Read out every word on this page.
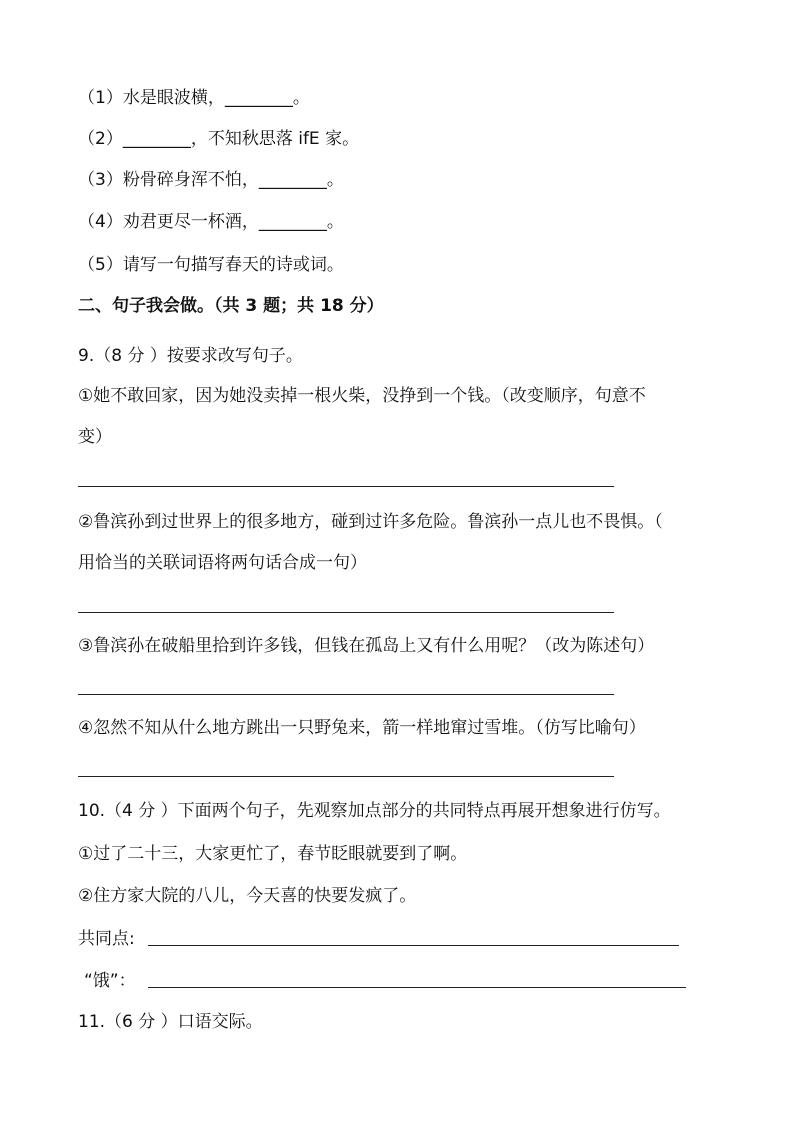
（1）水是眼波横，________。
（2）________，不知秋思落 ifE 家。
（3）粉骨碎身浑不怕，________。
（4）劝君更尽一杯酒，________。
（5）请写一句描写春天的诗或词。
二、句子我会做。（共 3 题；共 18 分）
9.（8 分 ）按要求改写句子。
①她不敢回家，因为她没卖掉一根火柴，没挣到一个钱。（改变顺序，句意不
变）
②鲁滨孙到过世界上的很多地方，碰到过许多危险。鲁滨孙一点儿也不畏惧。（
用恰当的关联词语将两句话合成一句）
③鲁滨孙在破船里拾到许多钱，但钱在孤岛上又有什么用呢？（改为陈述句）
④忽然不知从什么地方跳出一只野兔来，箭一样地窜过雪堆。（仿写比喻句）
10.（4 分 ）下面两个句子，先观察加点部分的共同特点再展开想象进行仿写。
①过了二十三，大家更忙了，春节眨眼就要到了啊。
②住方家大院的八儿，今天喜的快要发疯了。
共同点:
“饿”：
11.（6 分 ）口语交际。
